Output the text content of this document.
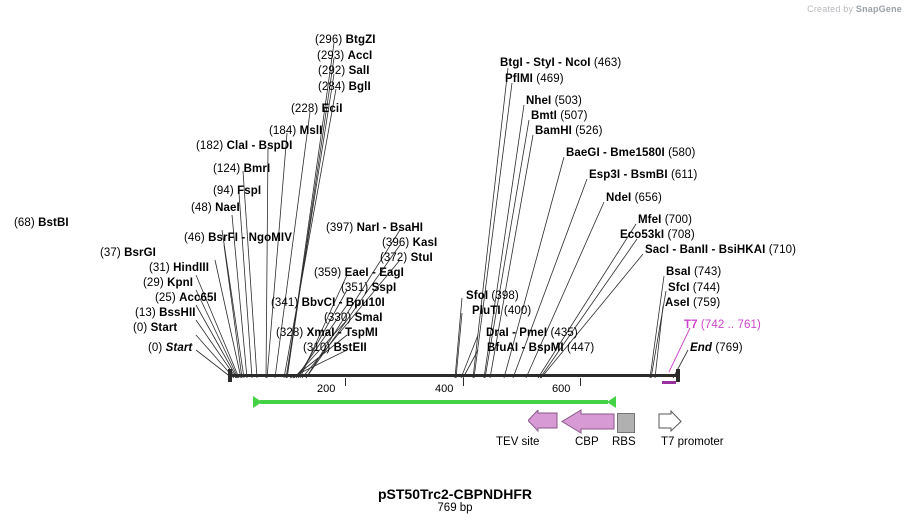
Created by SnapGene
(68) BstBI
(48) NaeI
(46) BsrFI - NgoMIV
(37) BsrGI
(31) HindIII
(29) KpnI
(25) Acc65I
(13) BssHII
(0) Start
(0) Start
(94) FspI
(124) BmrI
(182) ClaI - BspDI
(184) MslI
(228) EciI
(284) BglI
(292) SalI
(293) AccI
(296) BtgZI
(397) NarI - BsaHI
(396) KasI
(372) StuI
(359) EaeI - EagI
(351) SspI
(341) BbvCI - Bpu10I
(330) SmaI
(328) XmaI - TspMI
(310) BstEII
SfoI (398)
PluTI (400)
DraI - PmeI (435)
BfuAI - BspMI (447)
BtgI - StyI - NcoI (463)
PflMI (469)
NheI (503)
BmtI (507)
BamHI (526)
BaeGI - Bme1580I (580)
Esp3I - BsmBI (611)
NdeI (656)
MfeI (700)
Eco53kI (708)
SacI - BanII - BsiHKAI (710)
BsaI (743)
SfcI (744)
AseI (759)
T7 (742 .. 761)
End (769)
200	400	600
TEV site	CBP RBS T7 promoter
pST50Trc2-CBPNDHFR
769 bp
